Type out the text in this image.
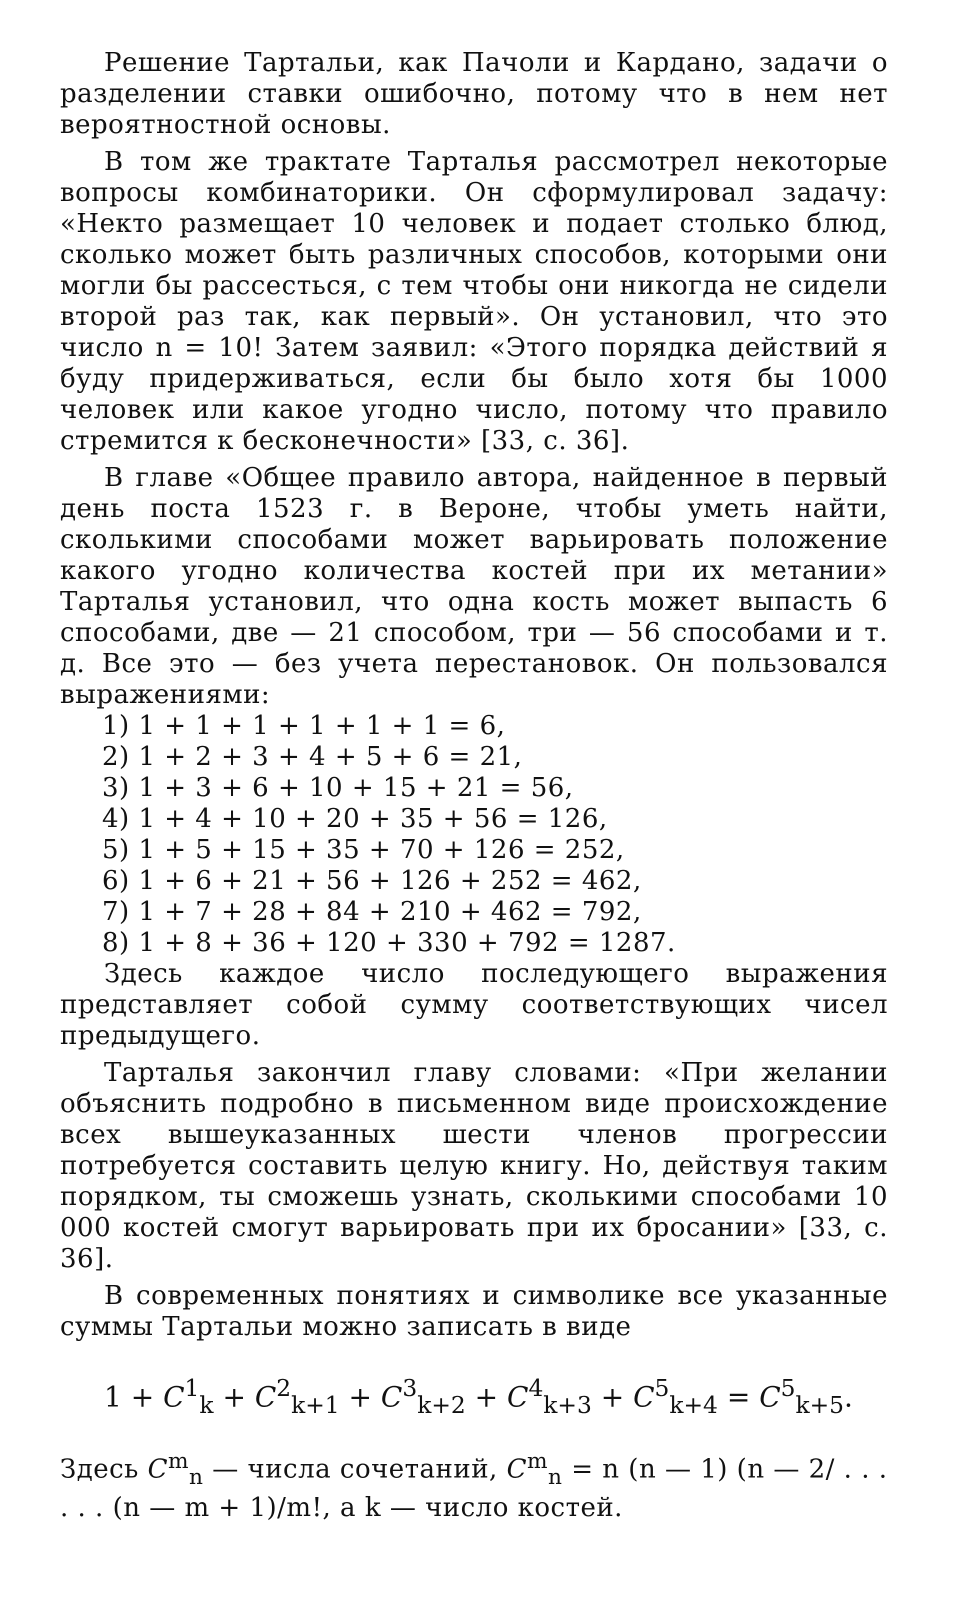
Решение Тартальи, как Пачоли и Кардано, задачи о разделении ставки ошибочно, потому что в нем нет вероятностной основы.

В том же трактате Тарталья рассмотрел некоторые вопросы комбинаторики. Он сформулировал задачу: «Некто размещает 10 человек и подает столько блюд, сколько может быть различных способов, которыми они могли бы рассесться, с тем чтобы они никогда не сидели второй раз так, как первый». Он установил, что это число n = 10! Затем заявил: «Этого порядка действий я буду придерживаться, если бы было хотя бы 1000 человек или какое угодно число, потому что правило стремится к бесконечности» [33, с. 36].

В главе «Общее правило автора, найденное в первый день поста 1523 г. в Вероне, чтобы уметь найти, сколькими способами может варьировать положение какого угодно количества костей при их метании» Тарталья установил, что одна кость может выпасть 6 способами, две — 21 способом, три — 56 способами и т. д. Все это — без учета перестановок. Он пользовался выражениями:

1) 1 + 1 + 1 + 1 + 1 + 1 = 6,
2) 1 + 2 + 3 + 4 + 5 + 6 = 21,
3) 1 + 3 + 6 + 10 + 15 + 21 = 56,
4) 1 + 4 + 10 + 20 + 35 + 56 = 126,
5) 1 + 5 + 15 + 35 + 70 + 126 = 252,
6) 1 + 6 + 21 + 56 + 126 + 252 = 462,
7) 1 + 7 + 28 + 84 + 210 + 462 = 792,
8) 1 + 8 + 36 + 120 + 330 + 792 = 1287.

Здесь каждое число последующего выражения представляет собой сумму соответствующих чисел предыдущего.

Тарталья закончил главу словами: «При желании объяснить подробно в письменном виде происхождение всех вышеуказанных шести членов прогрессии потребуется составить целую книгу. Но, действуя таким порядком, ты сможешь узнать, сколькими способами 10 000 костей смогут варьировать при их бросании» [33, с. 36].

В современных понятиях и символике все указанные суммы Тартальи можно записать в виде

$1 + C^1_k + C^2_{k+1} + C^3_{k+2} + C^4_{k+3} + C^5_{k+4} = C^5_{k+5}$.
Здесь $C^m_n$ — числа сочетаний, $C^m_n = n$ (n — 1) (n — 2/ . . .
. . . (n — m + 1)/m!, а k — число костей.
